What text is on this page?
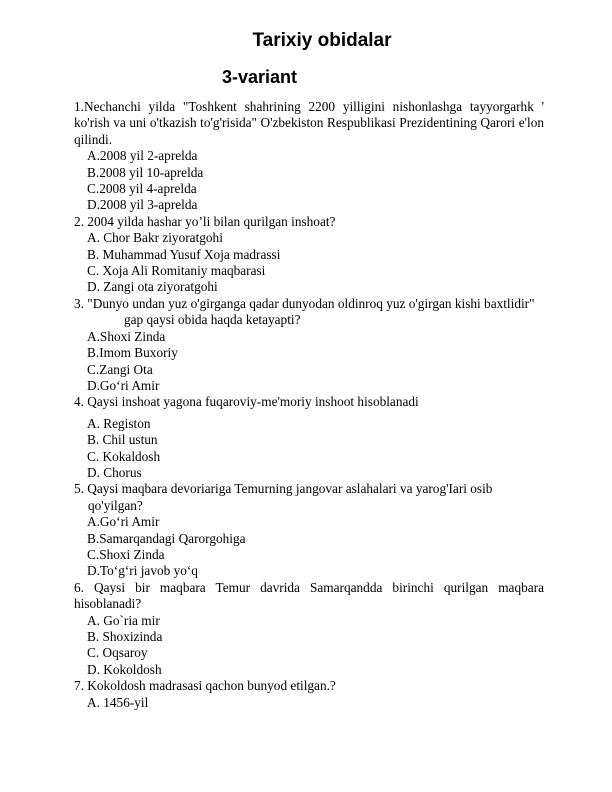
Tarixiy obidalar
3-variant

1.Nechanchi yilda "Toshkent shahrining 2200 yilligini nishonlashga tayyorgarhk ' ko'rish va uni o'tkazish to'g'risida" O'zbekiston Respublikasi Prezidentining Qarori e'lon qilindi.

A.2008 yil 2-aprelda
B.2008 yil 10-aprelda
C.2008 yil 4-aprelda
D.2008 yil 3-aprelda

2. 2004 yilda hashar yo’li bilan qurilgan inshoat?

A. Chor Bakr ziyoratgohi
B. Muhammad Yusuf Xoja madrassi
C. Xoja Ali Romitaniy maqbarasi
D. Zangi ota ziyoratgohi

3. "Dunyo undan yuz o'girganga qadar dunyodan oldinroq yuz o'girgan kishi baxtlidir"gap qaysi obida haqda ketayapti?

A.Shoxi Zinda
B.Imom Buxoriy
C.Zangi Ota
D.Go‘ri Amir

4. Qaysi inshoat yagona fuqaroviy-me'moriy inshoot hisoblanadi

A. Registon
B. Chil ustun
C. Kokaldosh
D. Chorus

5. Qaysi maqbara devoriariga Temurning jangovar aslahalari va yarog'Iari osib
qo'yilgan?

A.Go‘ri Amir
B.Samarqandagi Qarorgohiga
C.Shoxi Zinda
D.To‘g‘ri javob yo‘q

6. Qaysi bir maqbara Temur davrida Samarqandda birinchi qurilgan maqbara hisoblanadi?

A. Go`ria mir
B. Shoxizinda
C. Oqsaroy
D. Kokoldosh

7. Kokoldosh madrasasi qachon bunyod etilgan.?

A. 1456-yil
